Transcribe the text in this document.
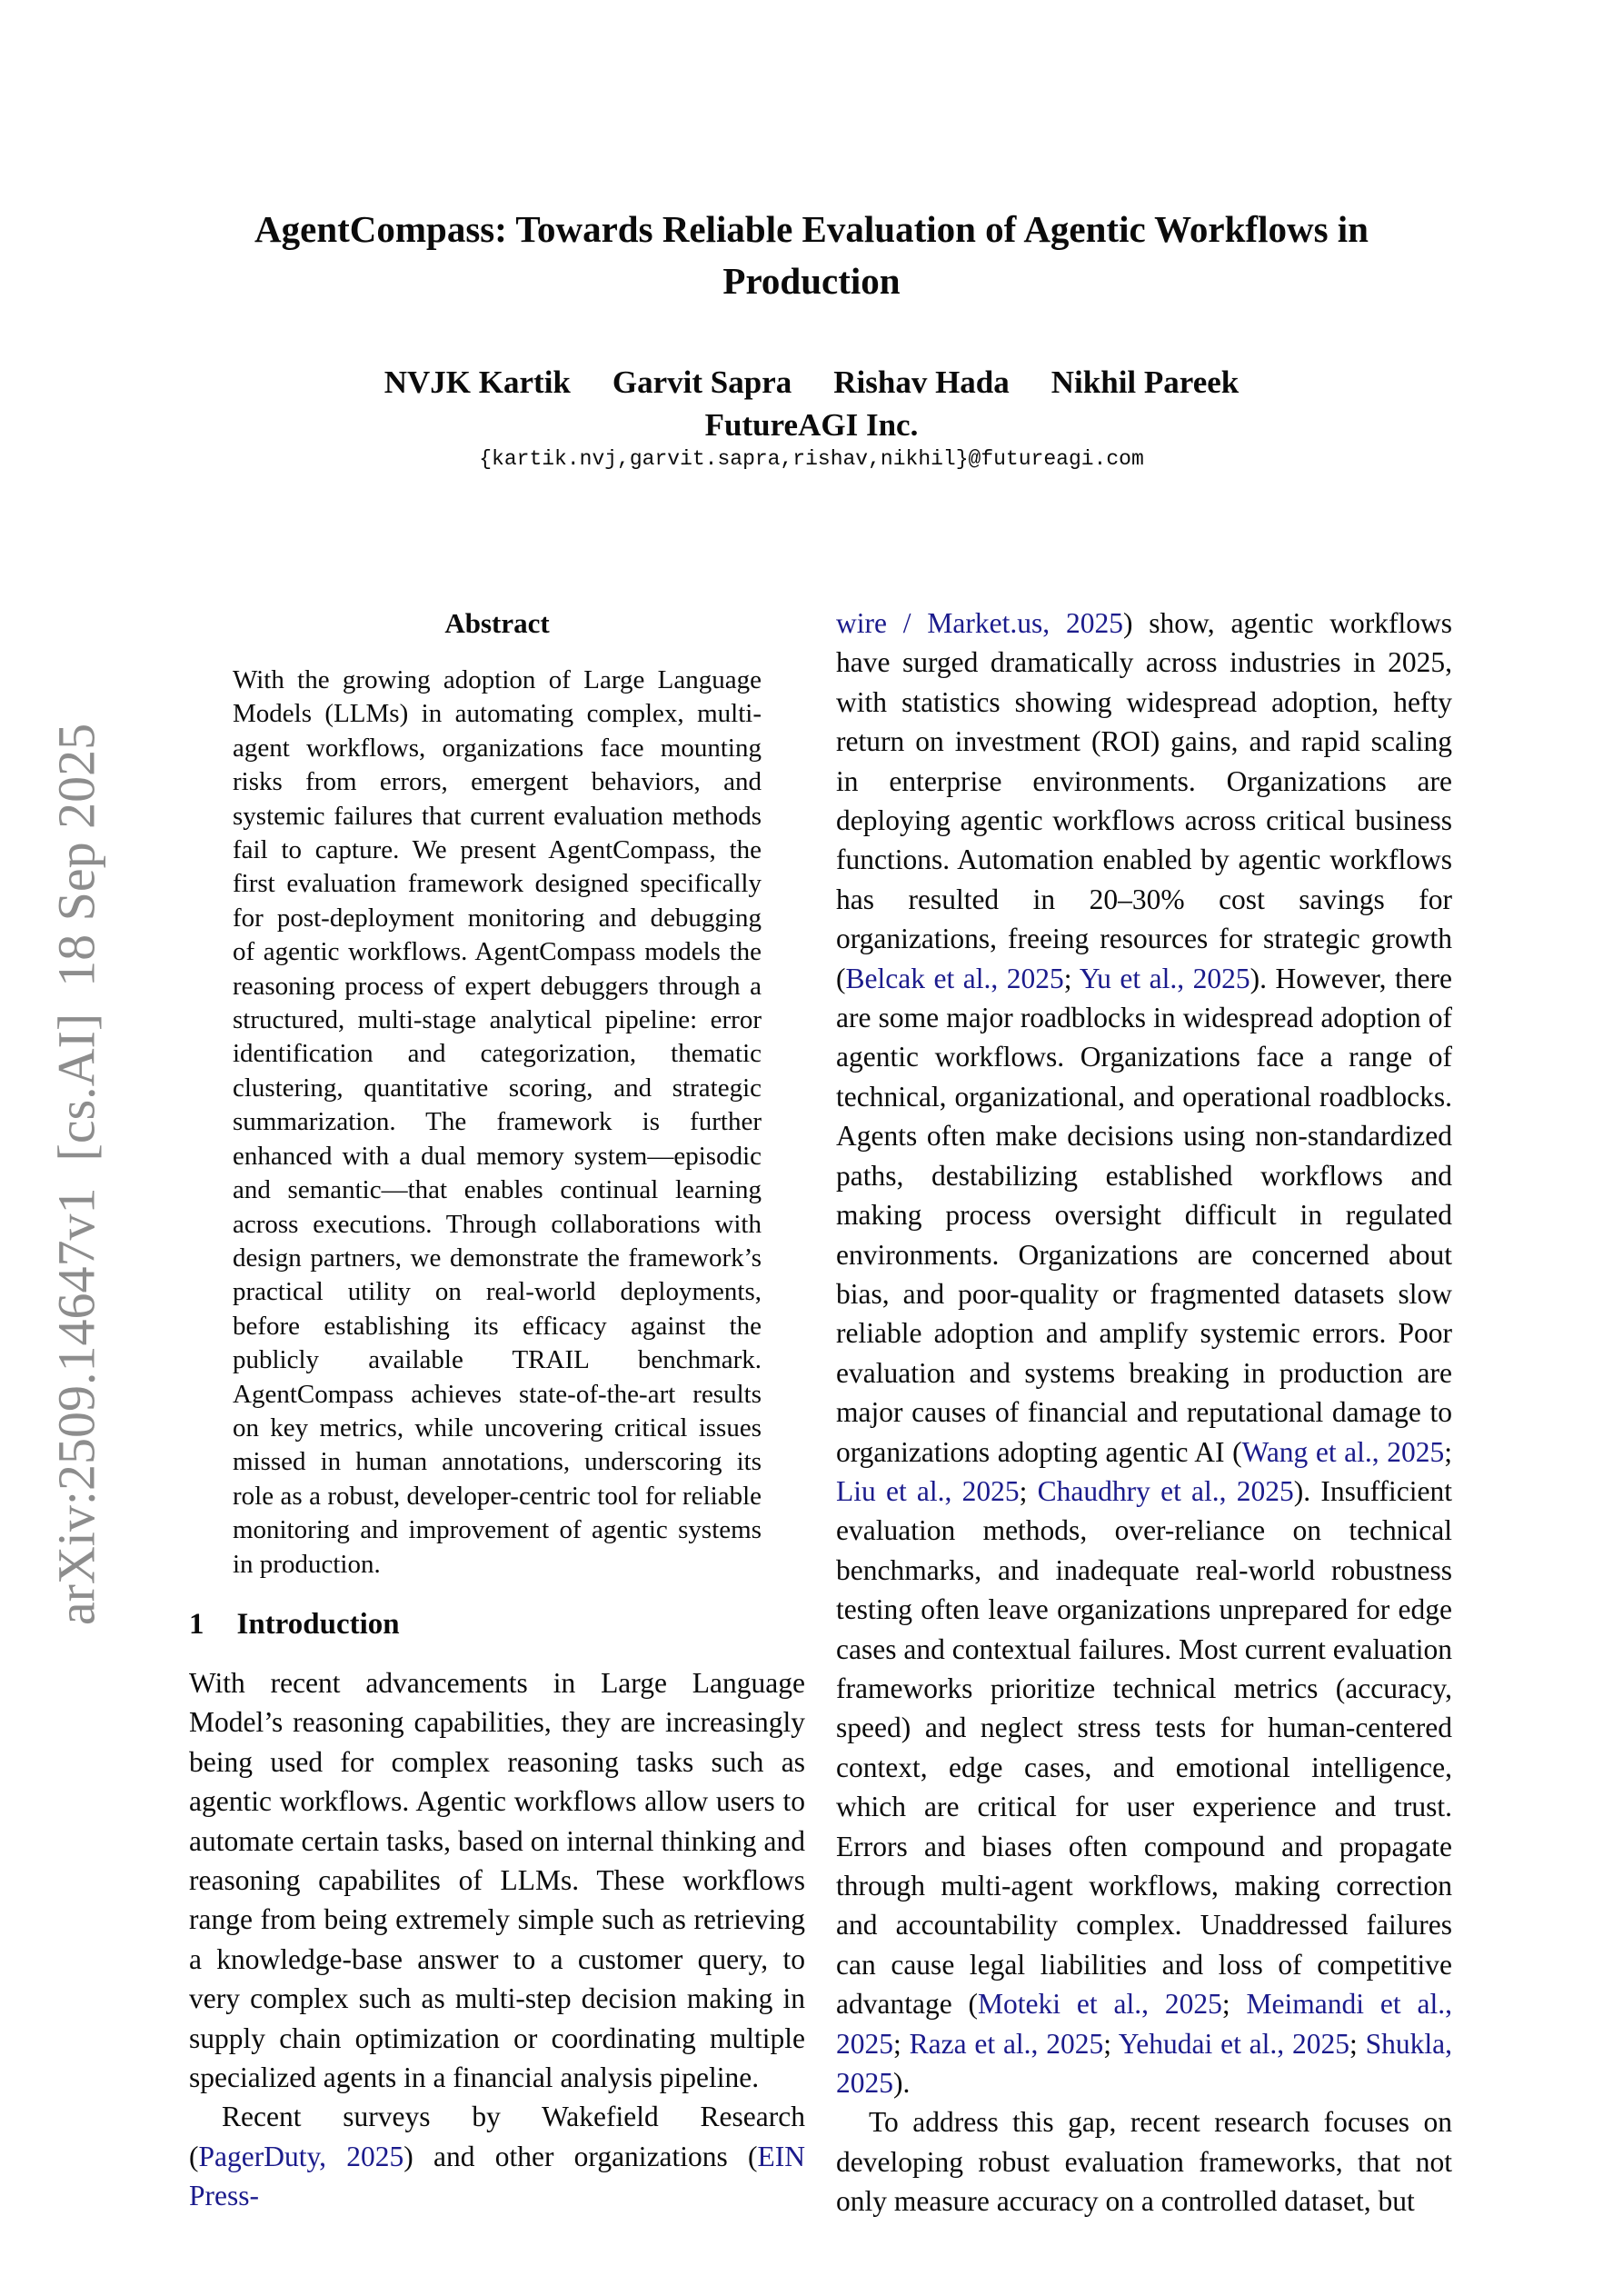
arXiv:2509.14647v1  [cs.AI]  18 Sep 2025
AgentCompass: Towards Reliable Evaluation of Agentic Workflows in
Production
NVJK Kartik Garvit Sapra Rishav Hada Nikhil Pareek
FutureAGI Inc.
{kartik.nvj,garvit.sapra,rishav,nikhil}@futureagi.com
Abstract

With the growing adoption of Large Language Models (LLMs) in automating complex, multi-agent workflows, organizations face mounting risks from errors, emergent behaviors, and systemic failures that current evaluation methods fail to capture. We present AgentCompass, the first evaluation framework designed specifically for post-deployment monitoring and debugging of agentic workflows. AgentCompass models the reasoning process of expert debuggers through a structured, multi-stage analytical pipeline: error identification and categorization, thematic clustering, quantitative scoring, and strategic summarization. The framework is further enhanced with a dual memory system—episodic and semantic—that enables continual learning across executions. Through collaborations with design partners, we demonstrate the framework’s practical utility on real-world deployments, before establishing its efficacy against the publicly available TRAIL benchmark. AgentCompass achieves state-of-the-art results on key metrics, while uncovering critical issues missed in human annotations, underscoring its role as a robust, developer-centric tool for reliable monitoring and improvement of agentic systems in production.

1 Introduction

With recent advancements in Large Language Model’s reasoning capabilities, they are increasingly being used for complex reasoning tasks such as agentic workflows. Agentic workflows allow users to automate certain tasks, based on internal thinking and reasoning capabilites of LLMs. These workflows range from being extremely simple such as retrieving a knowledge-base answer to a customer query, to very complex such as multi-step decision making in supply chain optimization or coordinating multiple specialized agents in a financial analysis pipeline.

Recent surveys by Wakefield Research (PagerDuty, 2025) and other organizations (EIN Press-

wire / Market.us, 2025) show, agentic workflows have surged dramatically across industries in 2025, with statistics showing widespread adoption, hefty return on investment (ROI) gains, and rapid scaling in enterprise environments. Organizations are deploying agentic workflows across critical business functions. Automation enabled by agentic workflows has resulted in 20–30% cost savings for organizations, freeing resources for strategic growth (Belcak et al., 2025; Yu et al., 2025). However, there are some major roadblocks in widespread adoption of agentic workflows. Organizations face a range of technical, organizational, and operational roadblocks. Agents often make decisions using non-standardized paths, destabilizing established workflows and making process oversight difficult in regulated environments. Organizations are concerned about bias, and poor-quality or fragmented datasets slow reliable adoption and amplify systemic errors. Poor evaluation and systems breaking in production are major causes of financial and reputational damage to organizations adopting agentic AI (Wang et al., 2025; Liu et al., 2025; Chaudhry et al., 2025). Insufficient evaluation methods, over-reliance on technical benchmarks, and inadequate real-world robustness testing often leave organizations unprepared for edge cases and contextual failures. Most current evaluation frameworks prioritize technical metrics (accuracy, speed) and neglect stress tests for human-centered context, edge cases, and emotional intelligence, which are critical for user experience and trust. Errors and biases often compound and propagate through multi-agent workflows, making correction and accountability complex. Unaddressed failures can cause legal liabilities and loss of competitive advantage (Moteki et al., 2025; Meimandi et al., 2025; Raza et al., 2025; Yehudai et al., 2025; Shukla, 2025).

To address this gap, recent research focuses on developing robust evaluation frameworks, that not only measure accuracy on a controlled dataset, but
